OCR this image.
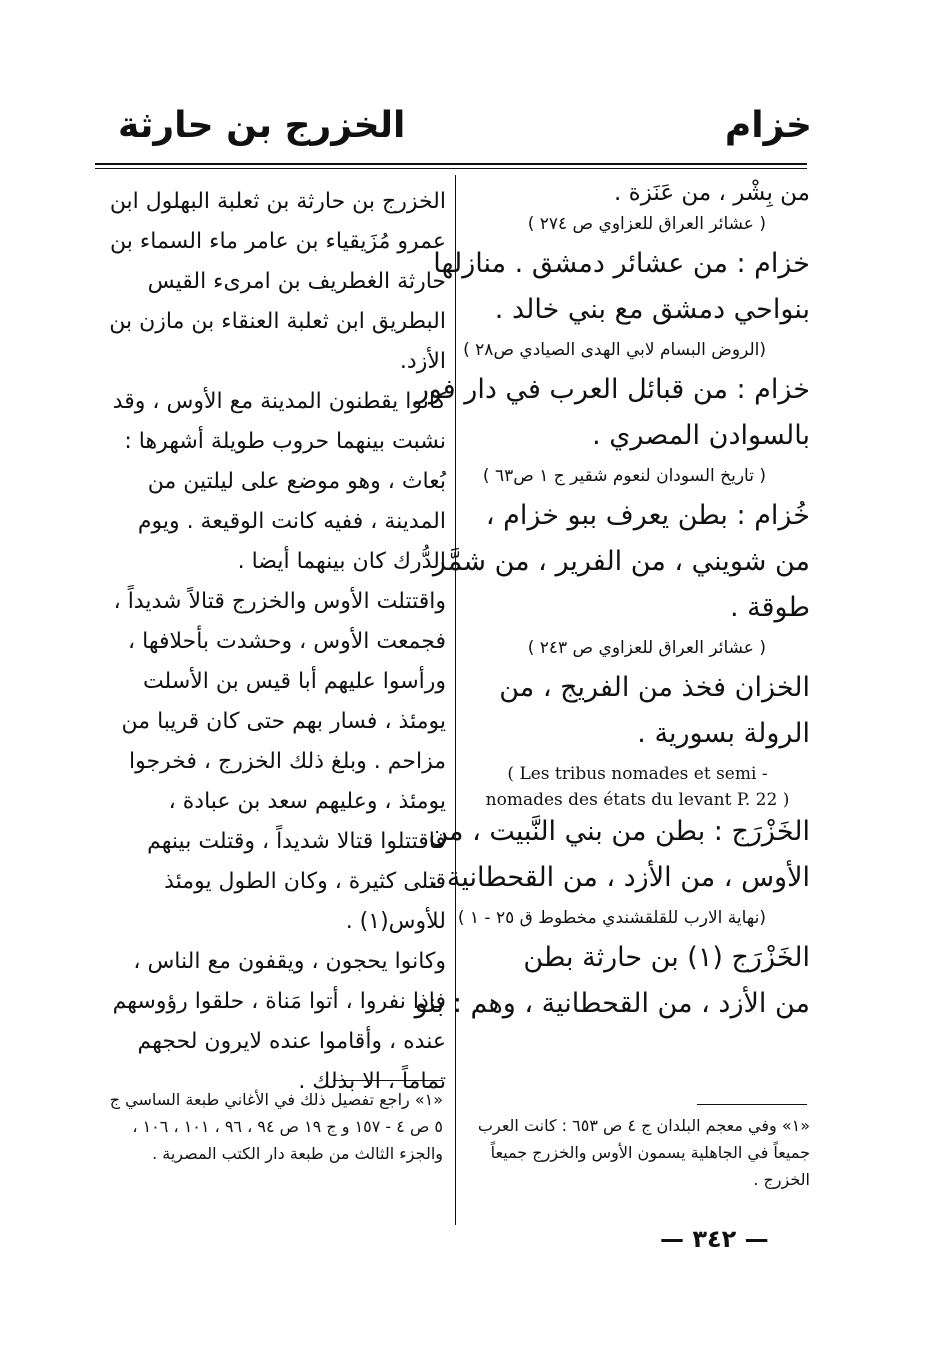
خزام
الخزرج بن حارثة
من بِشْر ، من عَنَزة .
( عشائر العراق للعزاوي ص ٢٧٤ )
خزام : من عشائر دمشق . منازلها
بنواحي دمشق مع بني خالد .
(الروض البسام لابي الهدى الصيادي ص٢٨ )
خزام : من قبائل العرب في دار فور
بالسوادن المصري .
( تاريخ السودان لنعوم شقير ج ١ ص٦٣ )
خُزام : بطن يعرف ببو خزام ،
من شويني ، من الفرير ، من شمَّر
طوقة .
( عشائر العراق للعزاوي ص ٢٤٣ )
الخزان فخذ من الفريج ، من
الرولة بسورية .
( Les tribus nomades et semi -
nomades des états du levant P. 22 )
الخَزْرَج : بطن من بني النَّبيت ، من
الأوس ، من الأزد ، من القحطانية .
(نهاية الارب للقلقشندي مخطوط ق ٢٥ - ١ )
الخَزْرَج (١) بن حارثة بطن
من الأزد ، من القحطانية ، وهم : بنو
«١» وفي معجم البلدان ج ٤ ص ٦٥٣ : كانت العرب جميعاً في الجاهلية يسمون الأوس والخزرج جميعاً الخزرج .
الخزرج بن حارثة بن ثعلبة البهلول ابن عمرو مُزَيقياء بن عامر ماء السماء بن حارثة الغطريف بن امرىء القيس البطريق ابن ثعلبة العنقاء بن مازن بن الأزد.
كانوا يقطنون المدينة مع الأوس ، وقد نشبت بينهما حروب طويلة أشهرها : بُعاث ، وهو موضع على ليلتين من المدينة ، ففيه كانت الوقيعة . ويوم الدُّرك كان بينهما أيضا .
واقتتلت الأوس والخزرج قتالاً شديداً ، فجمعت الأوس ، وحشدت بأحلافها ، ورأسوا عليهم أبا قيس بن الأسلت يومئذ ، فسار بهم حتى كان قريبا من مزاحم . وبلغ ذلك الخزرج ، فخرجوا يومئذ ، وعليهم سعد بن عبادة ، فاقتتلوا قتالا شديداً ، وقتلت بينهم قتلى كثيرة ، وكان الطول يومئذ للأوس(١) .
وكانوا يحجون ، ويقفون مع الناس ، فاذا نفروا ، أتوا مَناة ، حلقوا رؤوسهم عنده ، وأقاموا عنده لايرون لحجهم تماماً ، الا بذلك .
«١» راجع تفصيل ذلك في الأغاني طبعة الساسي ج ٥ ص ٤ - ١٥٧ و ج ١٩ ص ٩٤ ، ٩٦ ، ١٠١ ، ١٠٦ ، والجزء الثالث من طبعة دار الكتب المصرية .
— ٣٤٢ —
